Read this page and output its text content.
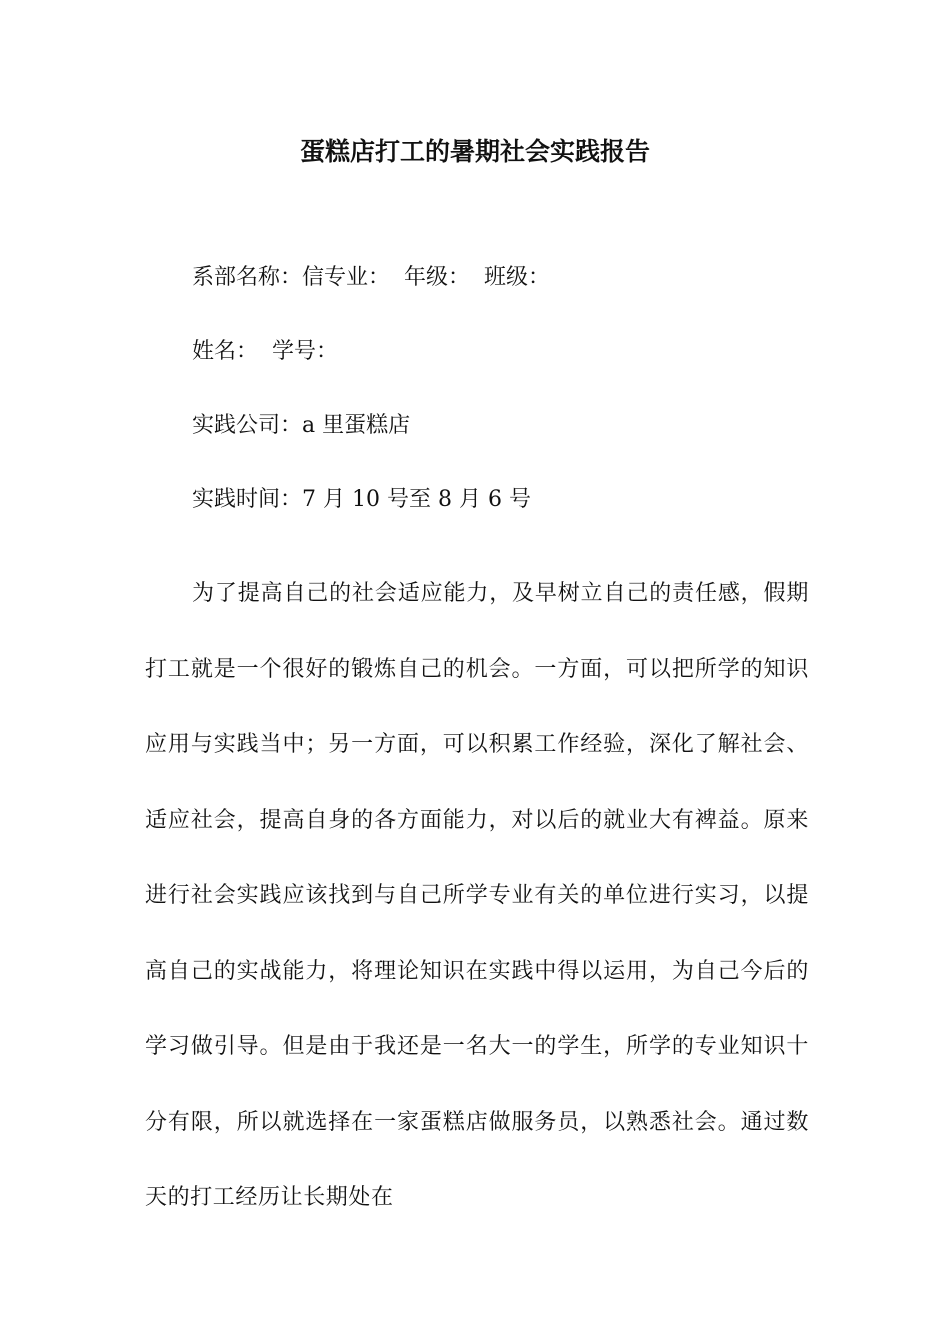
蛋糕店打工的暑期社会实践报告

系部名称：信专业：  年级：  班级：

姓名：  学号：

实践公司：a 里蛋糕店

实践时间：7 月 10 号至 8 月 6 号

为了提高自己的社会适应能力，及早树立自己的责任感，假期打工就是一个很好的锻炼自己的机会。一方面，可以把所学的知识应用与实践当中；另一方面，可以积累工作经验，深化了解社会、适应社会，提高自身的各方面能力，对以后的就业大有裨益。原来进行社会实践应该找到与自己所学专业有关的单位进行实习，以提高自己的实战能力，将理论知识在实践中得以运用，为自己今后的学习做引导。但是由于我还是一名大一的学生，所学的专业知识十分有限，所以就选择在一家蛋糕店做服务员，以熟悉社会。通过数天的打工经历让长期处在
